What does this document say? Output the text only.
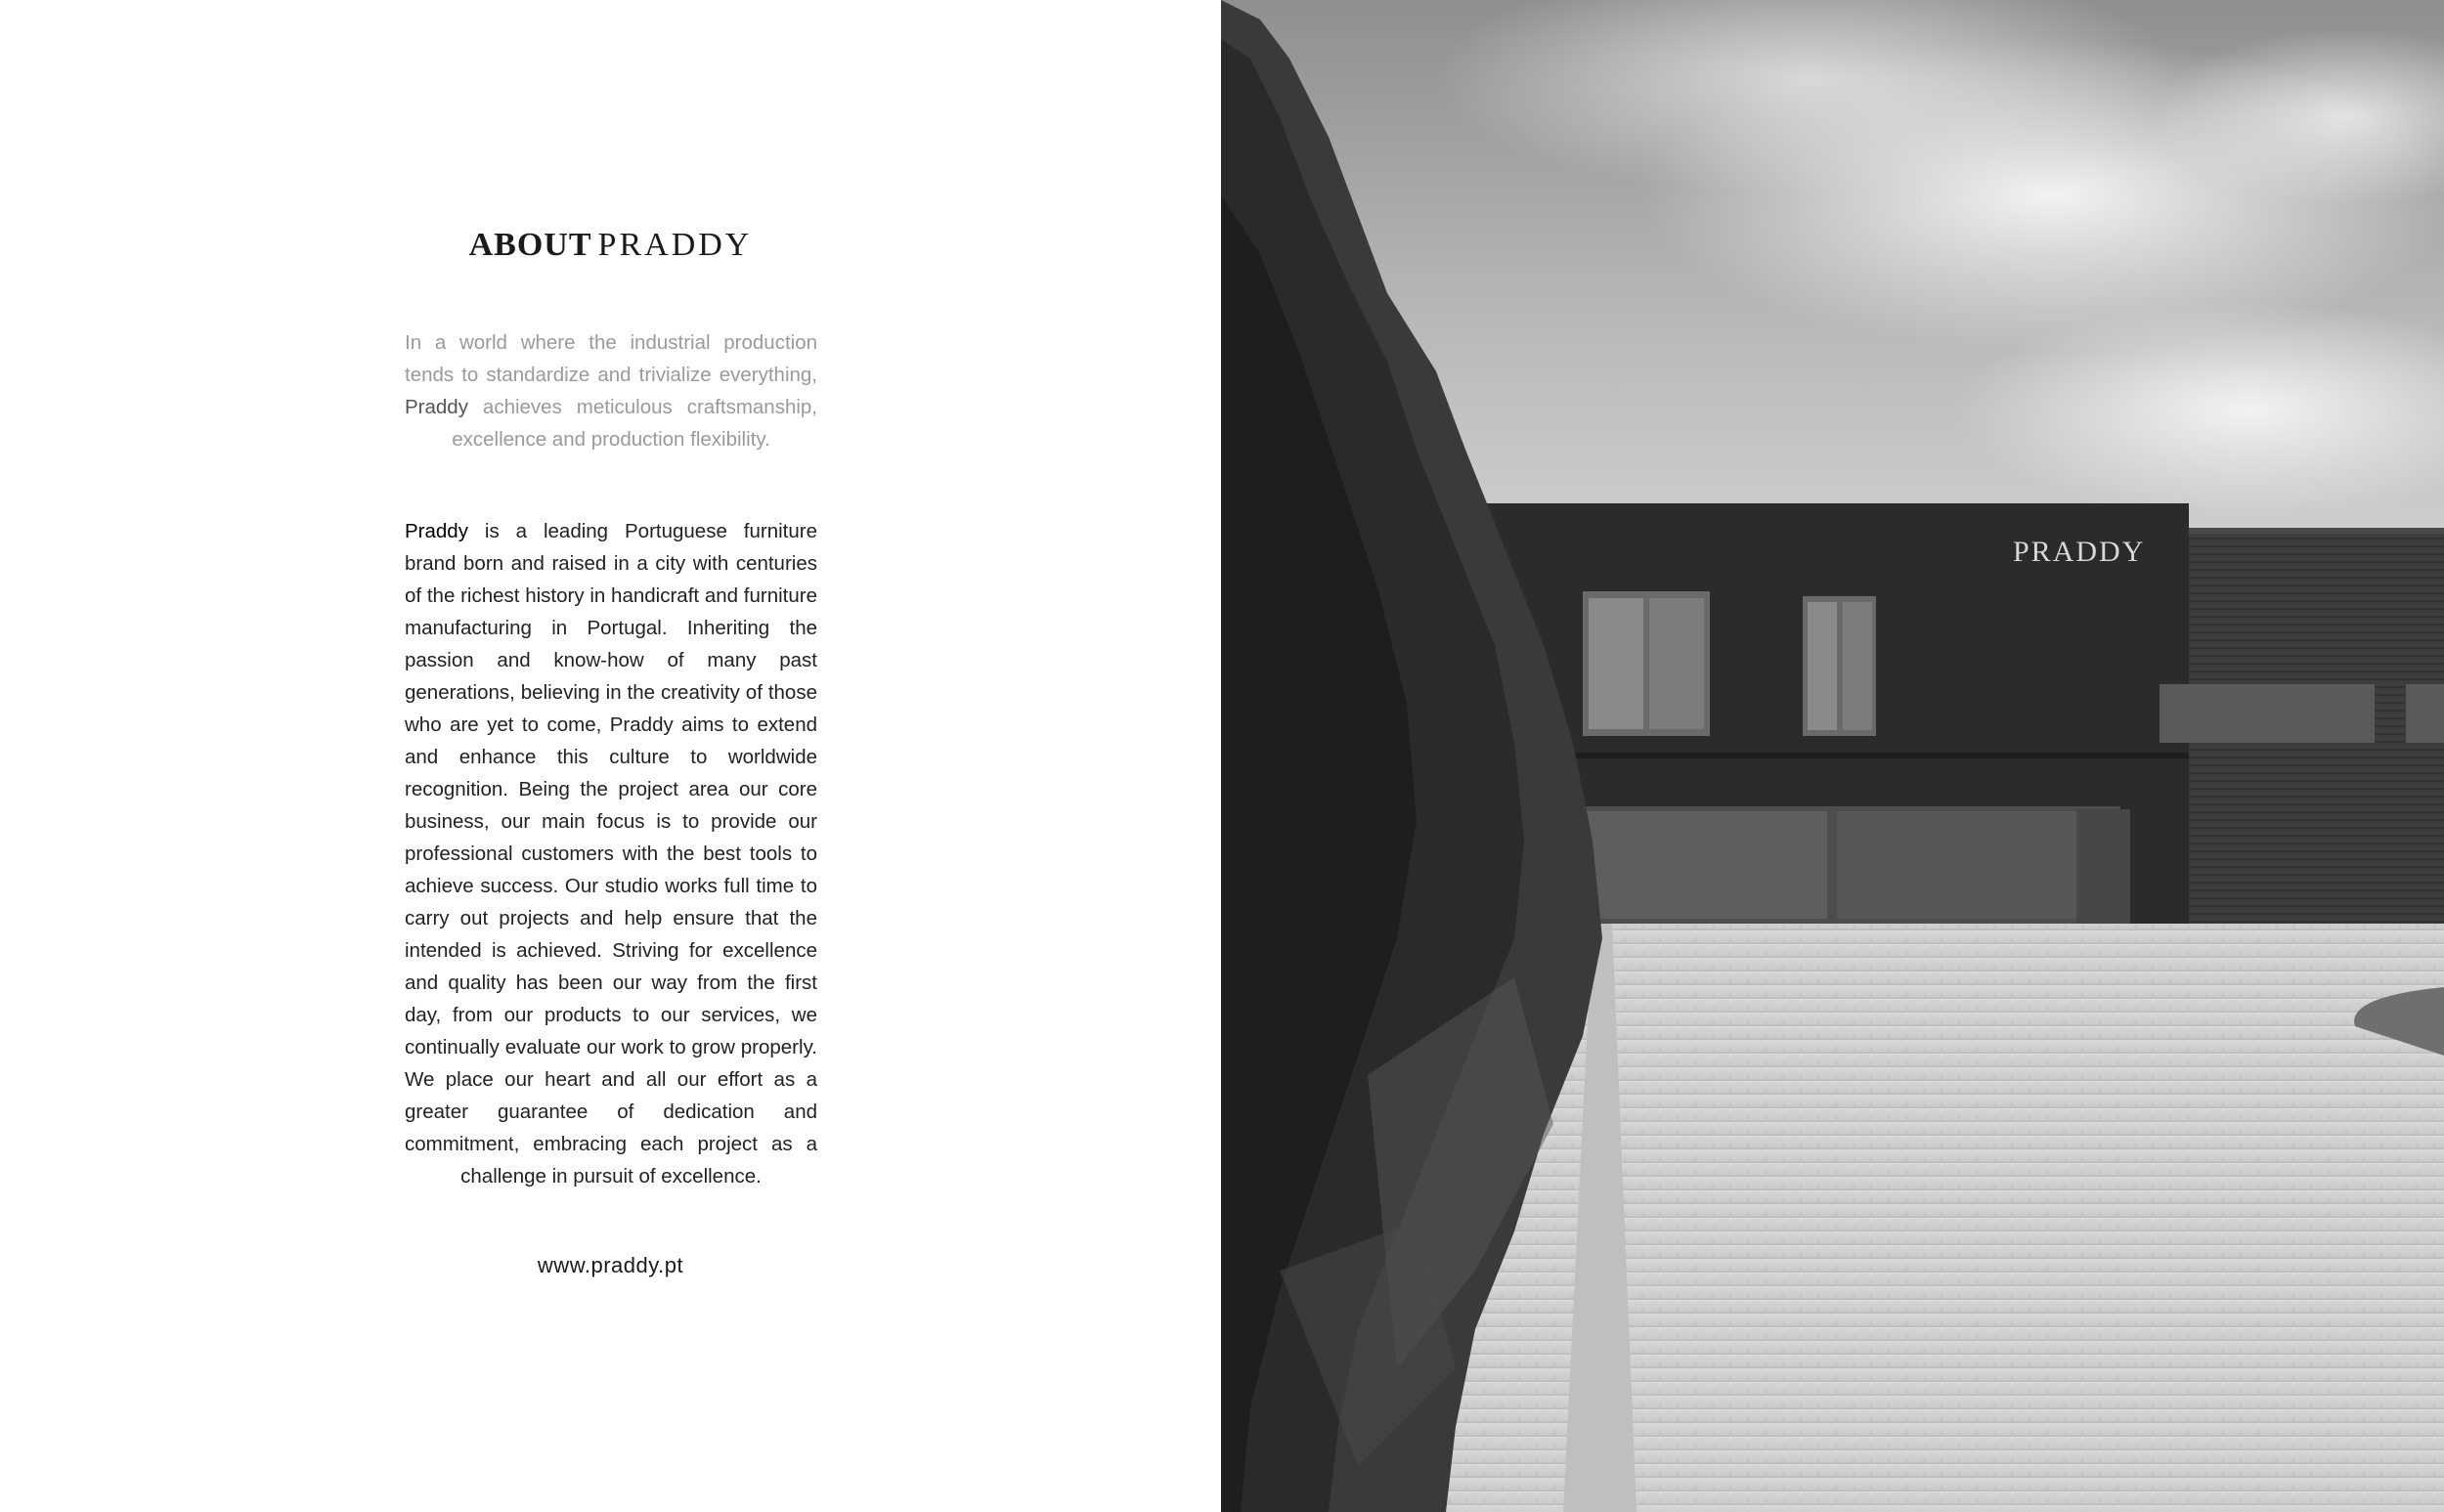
ABOUT PRADDY
In a world where the industrial production tends to standardize and trivialize everything, Praddy achieves meticulous craftsmanship, excellence and production flexibility.
Praddy is a leading Portuguese furniture brand born and raised in a city with centuries of the richest history in handicraft and furniture manufacturing in Portugal. Inheriting the passion and know-how of many past generations, believing in the creativity of those who are yet to come, Praddy aims to extend and enhance this culture to worldwide recognition. Being the project area our core business, our main focus is to provide our professional customers with the best tools to achieve success. Our studio works full time to carry out projects and help ensure that the intended is achieved. Striving for excellence and quality has been our way from the first day, from our products to our services, we continually evaluate our work to grow properly. We place our heart and all our effort as a greater guarantee of dedication and commitment, embracing each project as a challenge in pursuit of excellence.
www.praddy.pt
PRADDY
